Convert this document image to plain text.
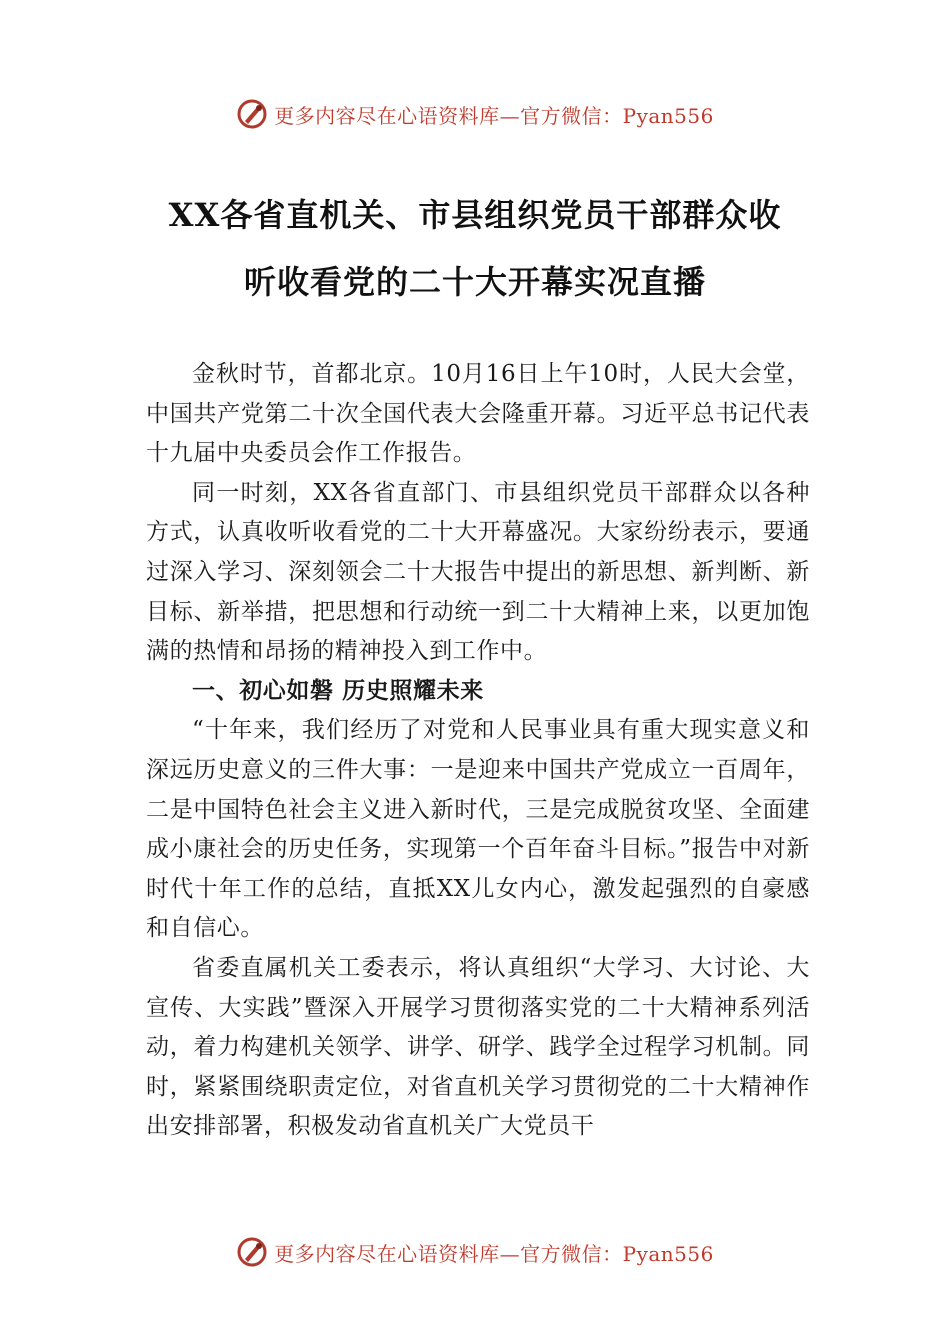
更多内容尽在心语资料库—官方微信：Pyan556
XX各省直机关、市县组织党员干部群众收
听收看党的二十大开幕实况直播

金秋时节，首都北京。10月16日上午10时，人民大会堂，中国共产党第二十次全国代表大会隆重开幕。习近平总书记代表十九届中央委员会作工作报告。

同一时刻，XX各省直部门、市县组织党员干部群众以各种方式，认真收听收看党的二十大开幕盛况。大家纷纷表示，要通过深入学习、深刻领会二十大报告中提出的新思想、新判断、新目标、新举措，把思想和行动统一到二十大精神上来，以更加饱满的热情和昂扬的精神投入到工作中。

一、初心如磐 历史照耀未来

“十年来，我们经历了对党和人民事业具有重大现实意义和深远历史意义的三件大事：一是迎来中国共产党成立一百周年，二是中国特色社会主义进入新时代，三是完成脱贫攻坚、全面建成小康社会的历史任务，实现第一个百年奋斗目标。”报告中对新时代十年工作的总结，直抵XX儿女内心，激发起强烈的自豪感和自信心。

省委直属机关工委表示，将认真组织“大学习、大讨论、大宣传、大实践”暨深入开展学习贯彻落实党的二十大精神系列活动，着力构建机关领学、讲学、研学、践学全过程学习机制。同时，紧紧围绕职责定位，对省直机关学习贯彻党的二十大精神作出安排部署，积极发动省直机关广大党员干

更多内容尽在心语资料库—官方微信：Pyan556
